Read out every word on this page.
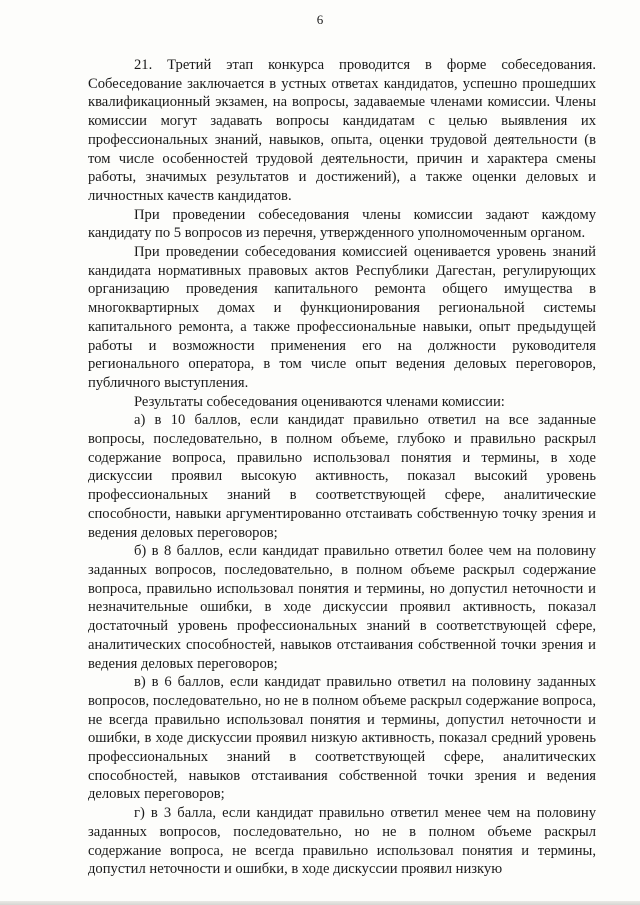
6

21. Третий этап конкурса проводится в форме собеседования. Собеседование заключается в устных ответах кандидатов, успешно прошедших квалификационный экзамен, на вопросы, задаваемые членами комиссии. Члены комиссии могут задавать вопросы кандидатам с целью выявления их профессиональных знаний, навыков, опыта, оценки трудовой деятельности (в том числе особенностей трудовой деятельности, причин и характера смены работы, значимых результатов и достижений), а также оценки деловых и личностных качеств кандидатов.

При проведении собеседования члены комиссии задают каждому кандидату по 5 вопросов из перечня, утвержденного уполномоченным органом.

При проведении собеседования комиссией оценивается уровень знаний кандидата нормативных правовых актов Республики Дагестан, регулирующих организацию проведения капитального ремонта общего имущества в многоквартирных домах и функционирования региональной системы капитального ремонта, а также профессиональные навыки, опыт предыдущей работы и возможности применения его на должности руководителя регионального оператора, в том числе опыт ведения деловых переговоров, публичного выступления.

Результаты собеседования оцениваются членами комиссии:

а) в 10 баллов, если кандидат правильно ответил на все заданные вопросы, последовательно, в полном объеме, глубоко и правильно раскрыл содержание вопроса, правильно использовал понятия и термины, в ходе дискуссии проявил высокую активность, показал высокий уровень профессиональных знаний в соответствующей сфере, аналитические способности, навыки аргументированно отстаивать собственную точку зрения и ведения деловых переговоров;

б) в 8 баллов, если кандидат правильно ответил более чем на половину заданных вопросов, последовательно, в полном объеме раскрыл содержание вопроса, правильно использовал понятия и термины, но допустил неточности и незначительные ошибки, в ходе дискуссии проявил активность, показал достаточный уровень профессиональных знаний в соответствующей сфере, аналитических способностей, навыков отстаивания собственной точки зрения и ведения деловых переговоров;

в) в 6 баллов, если кандидат правильно ответил на половину заданных вопросов, последовательно, но не в полном объеме раскрыл содержание вопроса, не всегда правильно использовал понятия и термины, допустил неточности и ошибки, в ходе дискуссии проявил низкую активность, показал средний уровень профессиональных знаний в соответствующей сфере, аналитических способностей, навыков отстаивания собственной точки зрения и ведения деловых переговоров;

г) в 3 балла, если кандидат правильно ответил менее чем на половину заданных вопросов, последовательно, но не в полном объеме раскрыл содержание вопроса, не всегда правильно использовал понятия и термины, допустил неточности и ошибки, в ходе дискуссии проявил низкую
